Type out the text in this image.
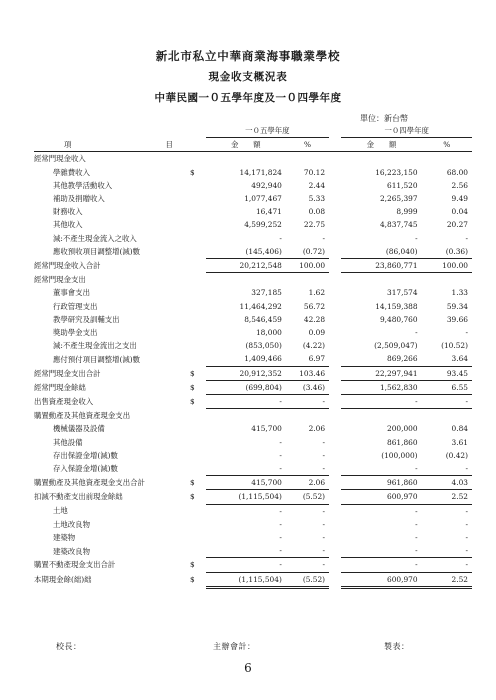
新北市私立中華商業海事職業學校
現金收支概況表
中華民國一０五學年度及一０四學年度
單位：新台幣
		一０五學年度			一０四學年度	

項 目		金　　額	%		金　　額	%
經常門現金收入						
學雜費收入	$	14,171,824	70.12		16,223,150	68.00
其他教學活動收入		492,940	2.44		611,520	2.56
補助及捐贈收入		1,077,467	5.33		2,265,397	9.49
財務收入		16,471	0.08		8,999	0.04
其他收入		4,599,252	22.75		4,837,745	20.27
減:不產生現金流入之收入		-	-		-	-
應收預收項目調整增(減)數		(145,406)	(0.72)		(86,040)	(0.36)
經常門現金收入合計		20,212,548	100.00		23,860,771	100.00
經常門現金支出						
董事會支出		327,185	1.62		317,574	1.33
行政管理支出		11,464,292	56.72		14,159,388	59.34
教學研究及訓輔支出		8,546,459	42.28		9,480,760	39.66
獎助學金支出		18,000	0.09		-	-
減:不產生現金流出之支出		(853,050)	(4.22)		(2,509,047)	(10.52)
應付預付項目調整增(減)數		1,409,466	6.97		869,266	3.64
經常門現金支出合計	$	20,912,352	103.46		22,297,941	93.45
經常門現金餘絀	$	(699,804)	(3.46)		1,562,830	6.55
出售資產現金收入	$	-	-		-	-
購置動產及其他資產現金支出						
機械儀器及設備		415,700	2.06		200,000	0.84
其他設備		-	-		861,860	3.61
存出保證金增(減)數		-	-		(100,000)	(0.42)
存入保證金增(減)數		-	-		-	-
購置動產及其他資產現金支出合計	$	415,700	2.06		961,860	4.03
扣減不動產支出前現金餘絀	$	(1,115,504)	(5.52)		600,970	2.52
土地		-	-		-	-
土地改良物		-	-		-	-
建築物		-	-		-	-
建築改良物		-	-		-	-
購置不動產現金支出合計	$	-	-		-	-
本期現金餘(絀)絀	$	(1,115,504)	(5.52)		600,970	2.52
校長：	主辦會計：	製表：
6
